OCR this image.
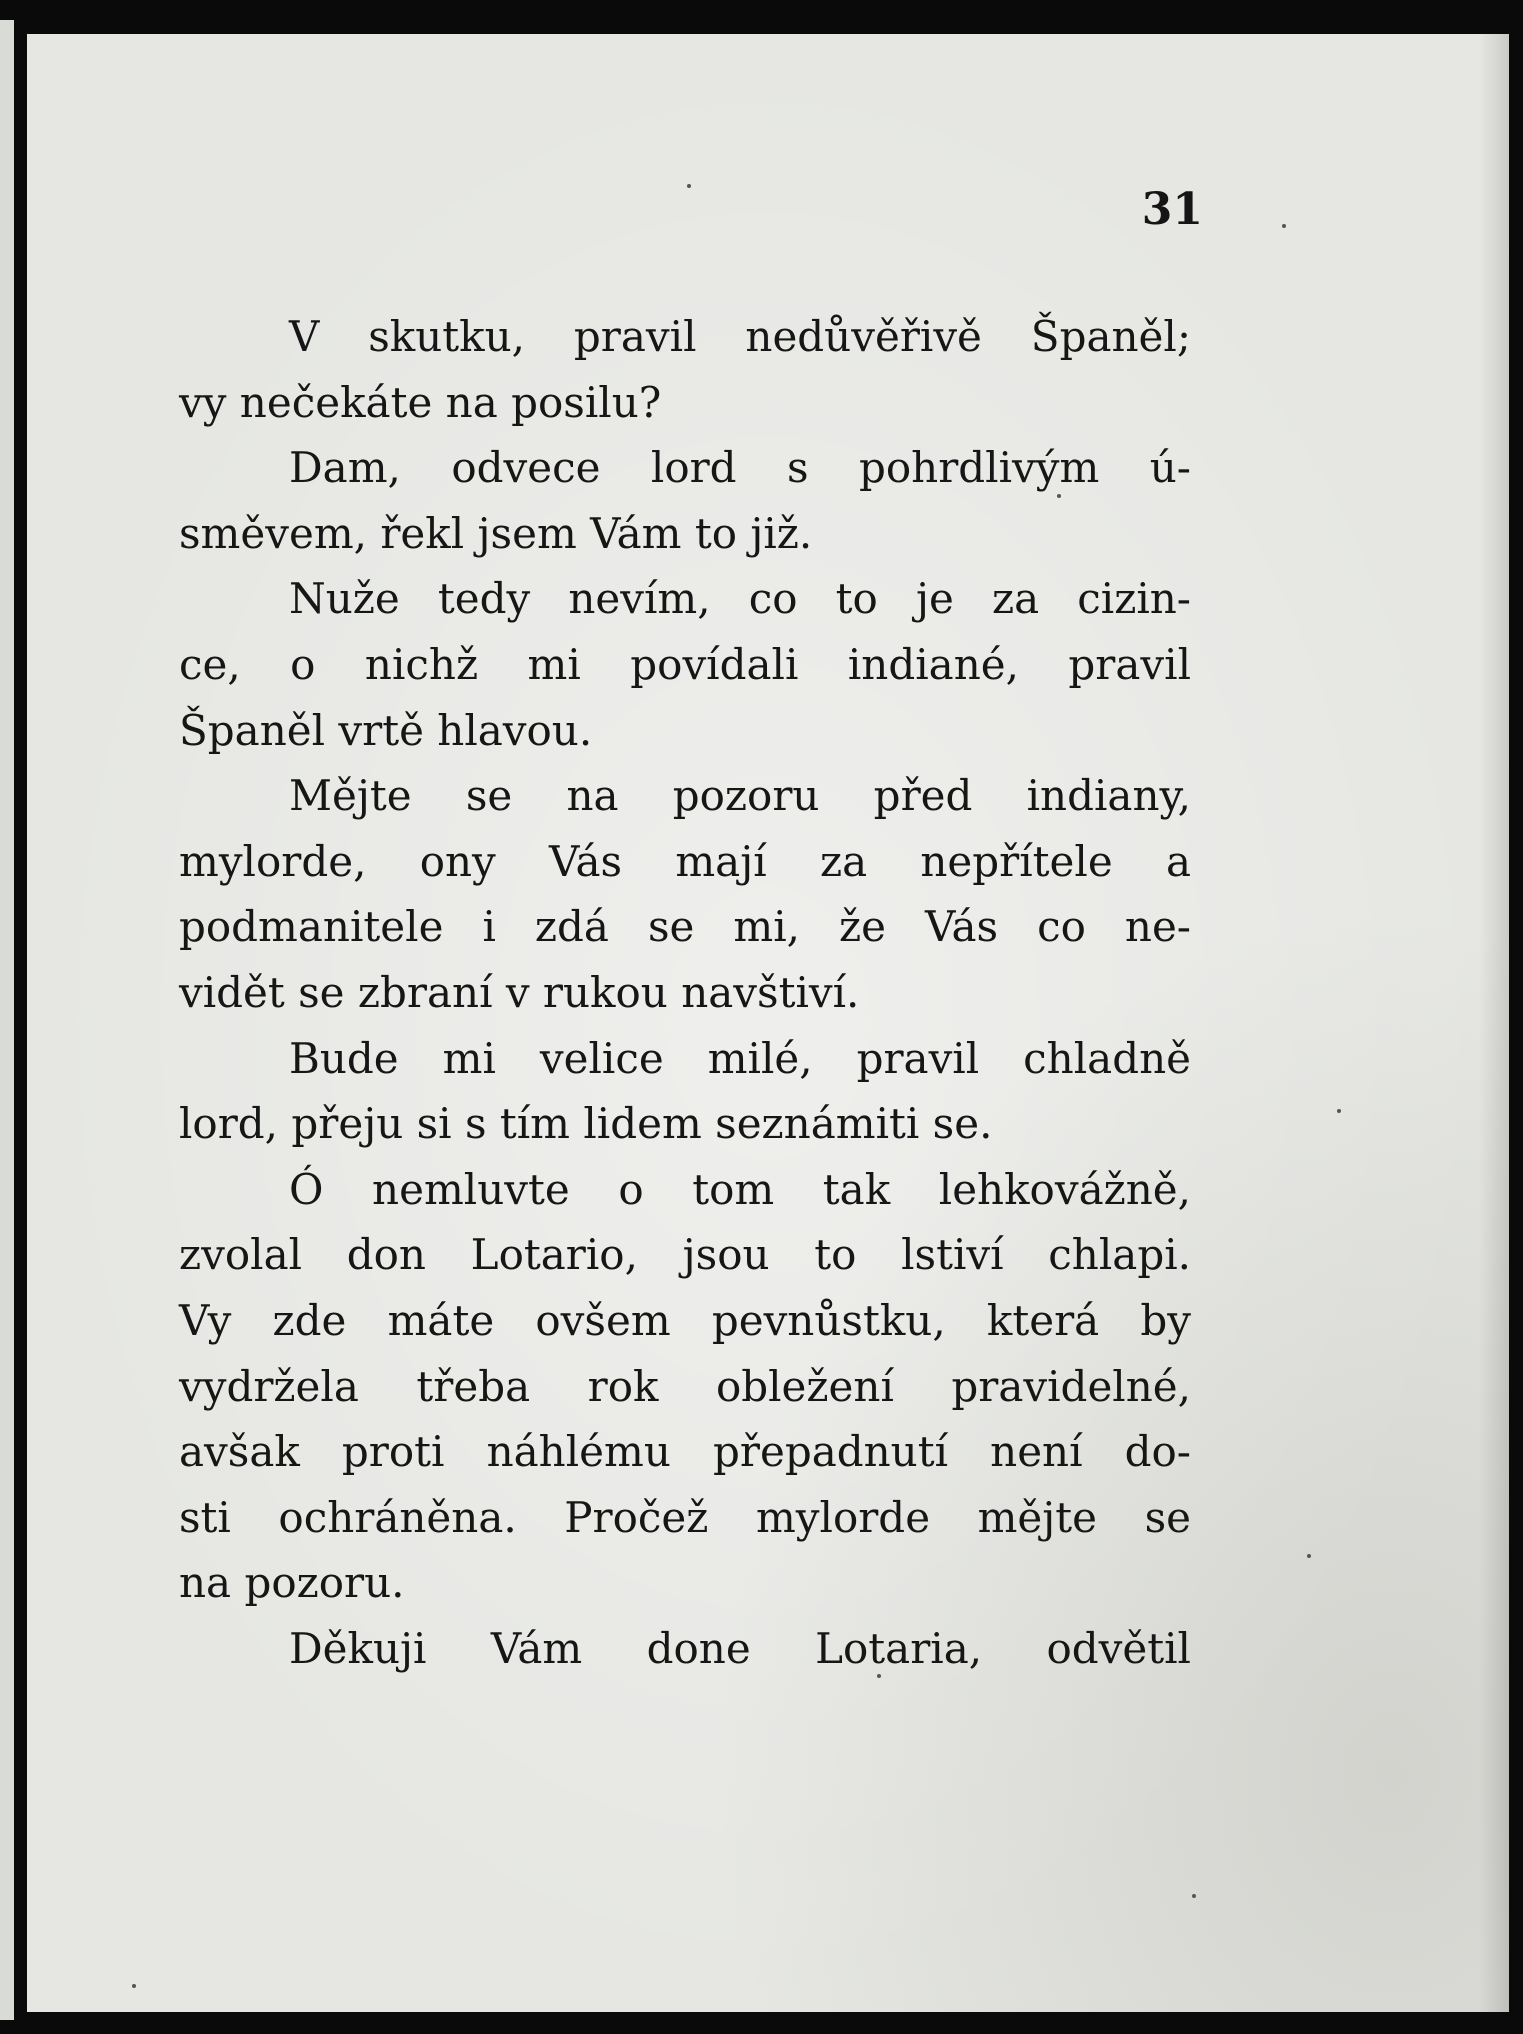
31
V skutku, pravil nedůvěřivě Španěl;
vy nečekáte na posilu?
Dam, odvece lord s pohrdlivým ú-
směvem, řekl jsem Vám to již.
Nuže tedy nevím, co to je za cizin-
ce, o nichž mi povídali indiané, pravil
Španěl vrtě hlavou.
Mějte se na pozoru před indiany,
mylorde, ony Vás mají za nepřítele a
podmanitele i zdá se mi, že Vás co ne-
vidět se zbraní v rukou navštiví.
Bude mi velice milé, pravil chladně
lord, přeju si s tím lidem seznámiti se.
Ó nemluvte o tom tak lehkovážně,
zvolal don Lotario, jsou to lstiví chlapi.
Vy zde máte ovšem pevnůstku, která by
vydržela třeba rok obležení pravidelné,
avšak proti náhlému přepadnutí není do-
sti ochráněna. Pročež mylorde mějte se
na pozoru.
Děkuji Vám done Lotaria, odvětil
